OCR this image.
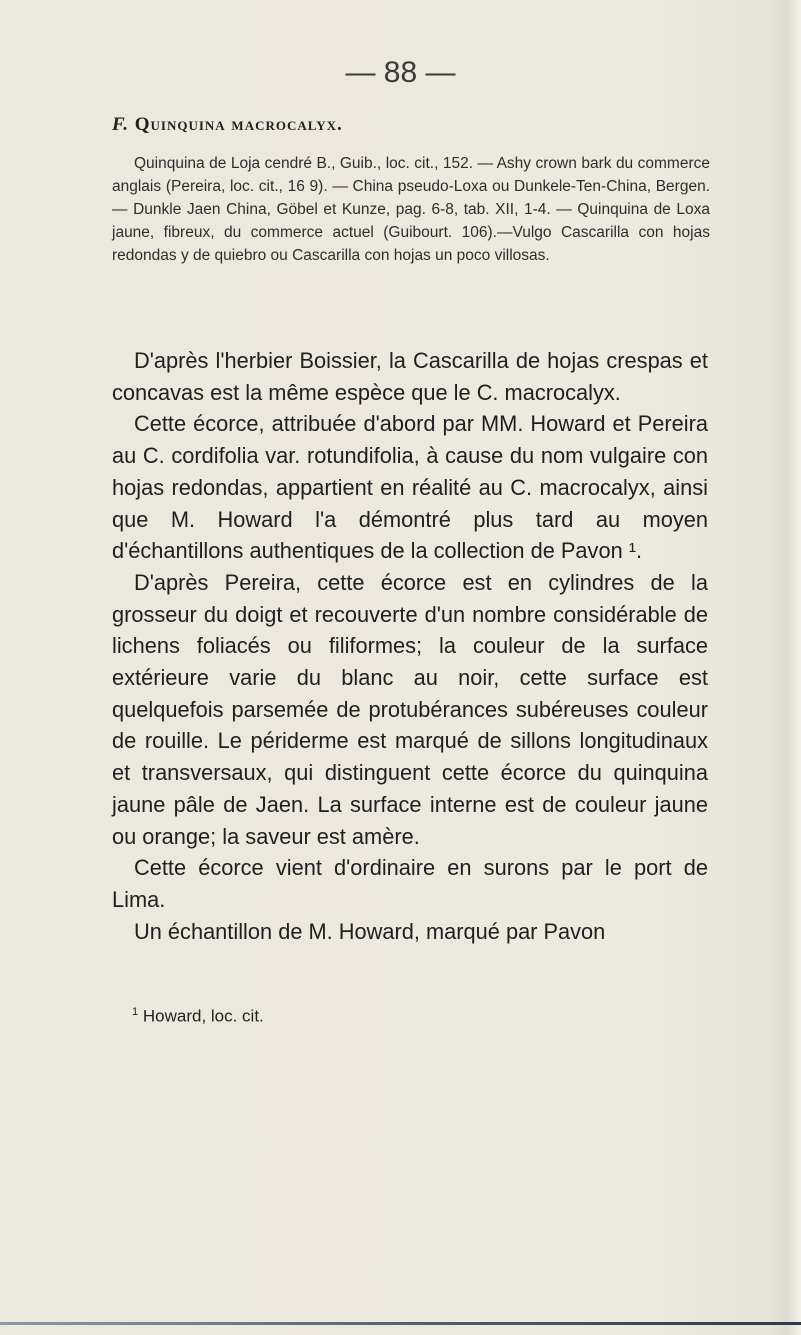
— 88 —
F. Quinquina macrocalyx.

Quinquina de Loja cendré B., Guib., loc. cit., 152. — Ashy crown bark du commerce anglais (Pereira, loc. cit., 16 9). — China pseudo-Loxa ou Dunkele-Ten-China, Bergen. — Dunkle Jaen China, Göbel et Kunze, pag. 6-8, tab. XII, 1-4. — Quinquina de Loxa jaune, fibreux, du commerce actuel (Guibourt. 106).—Vulgo Cascarilla con hojas redondas y de quiebro ou Cascarilla con hojas un poco villosas.

D'après l'herbier Boissier, la Cascarilla de hojas crespas et concavas est la même espèce que le C. macrocalyx.

Cette écorce, attribuée d'abord par MM. Howard et Pereira au C. cordifolia var. rotundifolia, à cause du nom vulgaire con hojas redondas, appartient en réalité au C. macrocalyx, ainsi que M. Howard l'a démontré plus tard au moyen d'échantillons authentiques de la collection de Pavon ¹.

D'après Pereira, cette écorce est en cylindres de la grosseur du doigt et recouverte d'un nombre considérable de lichens foliacés ou filiformes; la couleur de la surface extérieure varie du blanc au noir, cette surface est quelquefois parsemée de protubérances subéreuses couleur de rouille. Le périderme est marqué de sillons longitudinaux et transversaux, qui distinguent cette écorce du quinquina jaune pâle de Jaen. La surface interne est de couleur jaune ou orange; la saveur est amère.

Cette écorce vient d'ordinaire en surons par le port de Lima.

Un échantillon de M. Howard, marqué par Pavon

$^1$ Howard, loc. cit.
